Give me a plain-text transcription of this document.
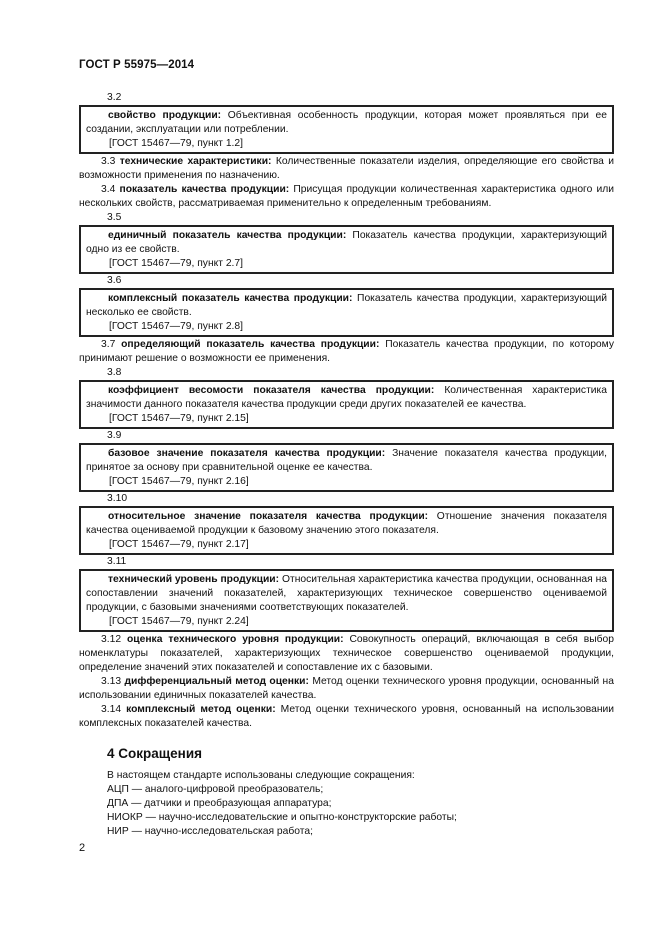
ГОСТ Р 55975—2014

3.2

свойство продукции: Объективная особенность продукции, которая может проявляться при ее создании, эксплуатации или потреблении.

[ГОСТ 15467—79, пункт 1.2]

3.3 технические характеристики: Количественные показатели изделия, определяющие его свойства и возможности применения по назначению.

3.4 показатель качества продукции: Присущая продукции количественная характеристика одного или нескольких свойств, рассматриваемая применительно к определенным требованиям.

3.5

единичный показатель качества продукции: Показатель качества продукции, характеризующий одно из ее свойств.

[ГОСТ 15467—79, пункт 2.7]

3.6

комплексный показатель качества продукции: Показатель качества продукции, характеризующий несколько ее свойств.

[ГОСТ 15467—79, пункт 2.8]

3.7 определяющий показатель качества продукции: Показатель качества продукции, по которому принимают решение о возможности ее применения.

3.8

коэффициент весомости показателя качества продукции: Количественная характеристика значимости данного показателя качества продукции среди других показателей ее качества.

[ГОСТ 15467—79, пункт 2.15]

3.9

базовое значение показателя качества продукции: Значение показателя качества продукции, принятое за основу при сравнительной оценке ее качества.

[ГОСТ 15467—79, пункт 2.16]

3.10

относительное значение показателя качества продукции: Отношение значения показателя качества оцениваемой продукции к базовому значению этого показателя.

[ГОСТ 15467—79, пункт 2.17]

3.11

технический уровень продукции: Относительная характеристика качества продукции, основанная на сопоставлении значений показателей, характеризующих техническое совершенство оцениваемой продукции, с базовыми значениями соответствующих показателей.

[ГОСТ 15467—79, пункт 2.24]

3.12 оценка технического уровня продукции: Совокупность операций, включающая в себя выбор номенклатуры показателей, характеризующих техническое совершенство оцениваемой продукции, определение значений этих показателей и сопоставление их с базовыми.

3.13 дифференциальный метод оценки: Метод оценки технического уровня продукции, основанный на использовании единичных показателей качества.

3.14 комплексный метод оценки: Метод оценки технического уровня, основанный на использовании комплексных показателей качества.

4 Сокращения

В настоящем стандарте использованы следующие сокращения:

АЦП — аналого-цифровой преобразователь;

ДПА — датчики и преобразующая аппаратура;

НИОКР — научно-исследовательские и опытно-конструкторские работы;

НИР — научно-исследовательская работа;

2
